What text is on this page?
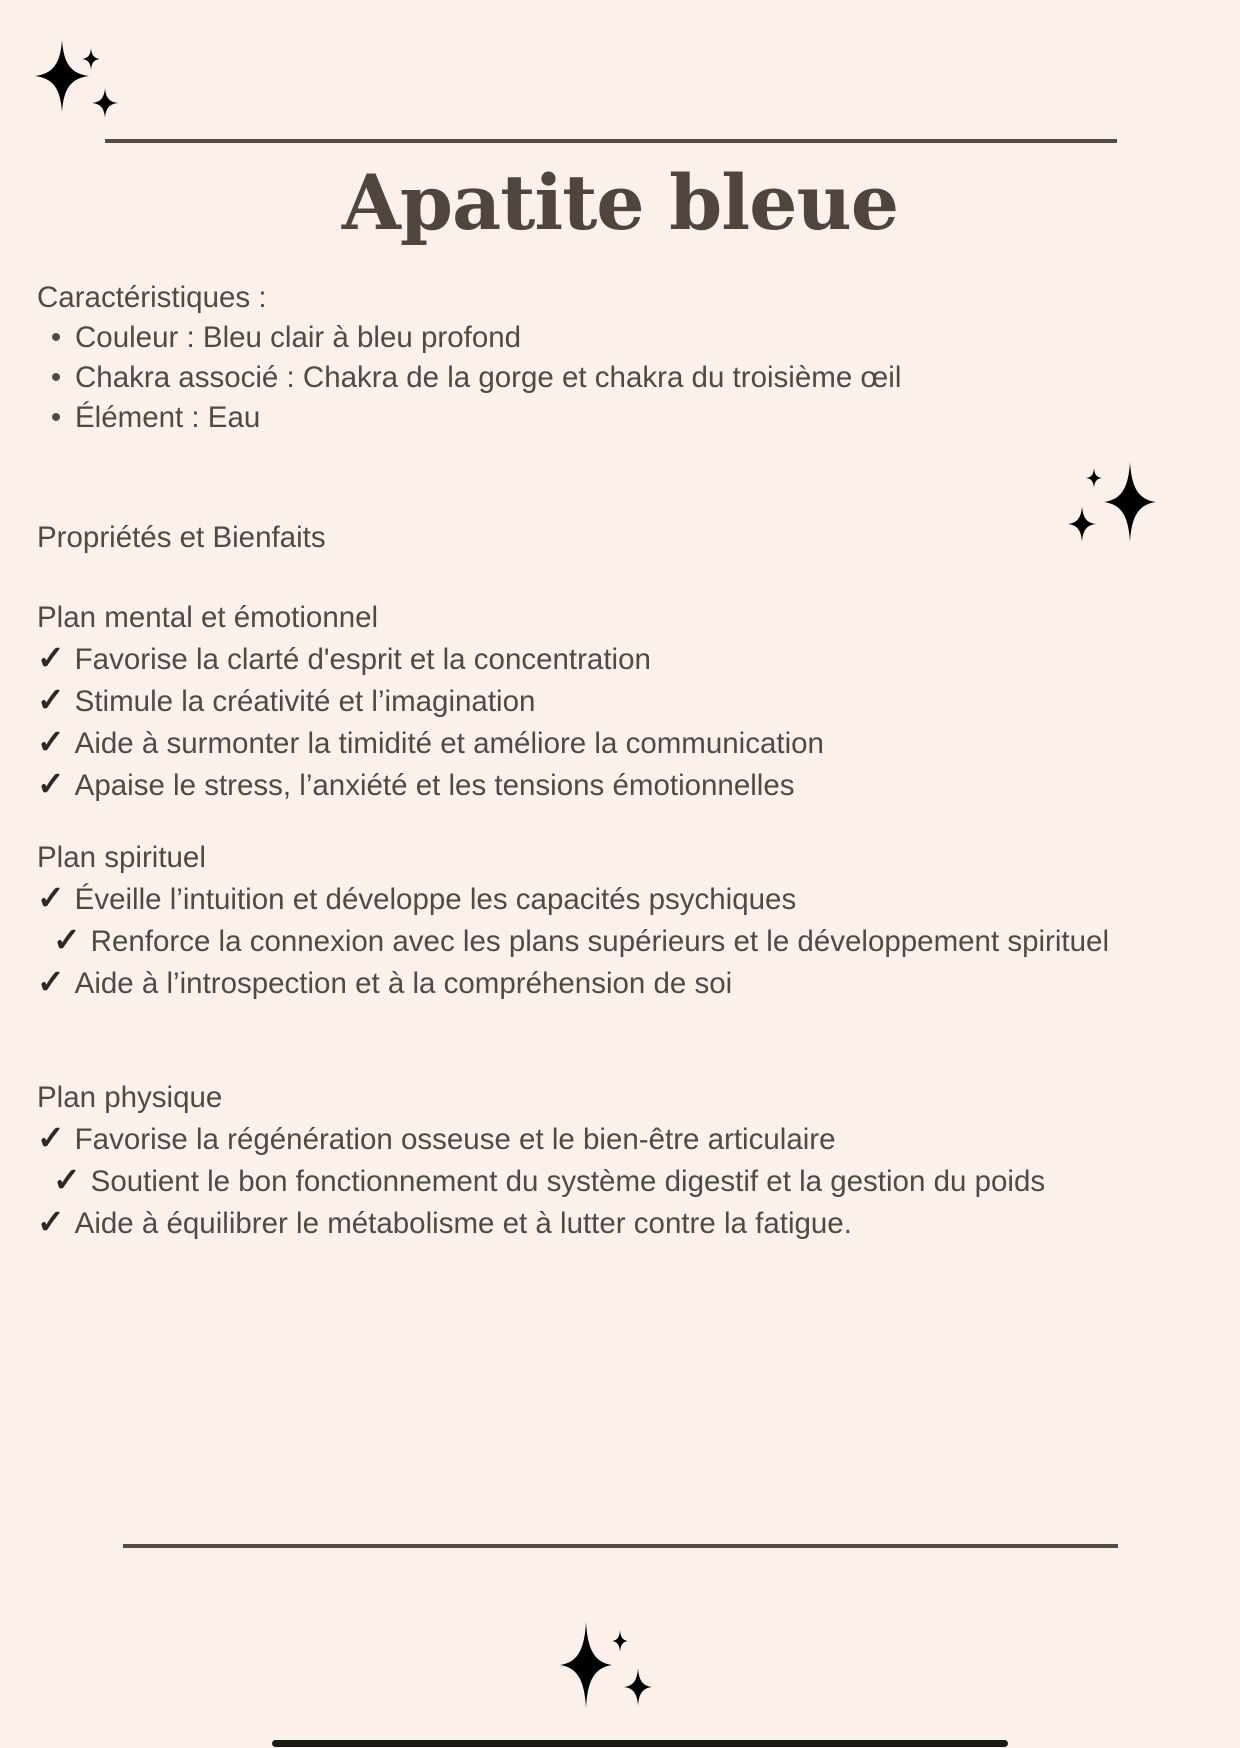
Apatite bleue
Caractéristiques :
• Couleur : Bleu clair à bleu profond
• Chakra associé : Chakra de la gorge et chakra du troisième œil
• Élément : Eau
Propriétés et Bienfaits
Plan mental et émotionnel
✓ Favorise la clarté d'esprit et la concentration
✓ Stimule la créativité et l’imagination
✓ Aide à surmonter la timidité et améliore la communication
✓ Apaise le stress, l’anxiété et les tensions émotionnelles
Plan spirituel
✓ Éveille l’intuition et développe les capacités psychiques
✓ Renforce la connexion avec les plans supérieurs et le développement spirituel
✓ Aide à l’introspection et à la compréhension de soi
Plan physique
✓ Favorise la régénération osseuse et le bien-être articulaire
✓ Soutient le bon fonctionnement du système digestif et la gestion du poids
✓ Aide à équilibrer le métabolisme et à lutter contre la fatigue.
